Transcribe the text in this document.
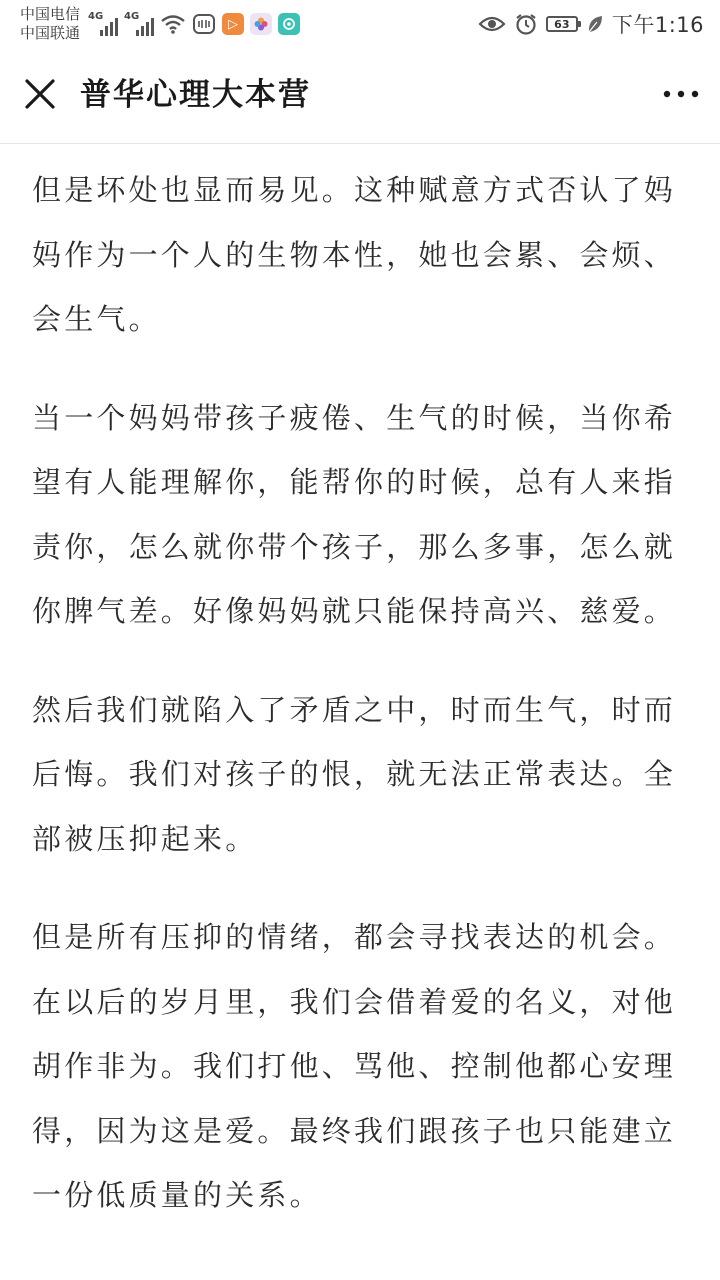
中国电信
中国联通
4G 4G	▷	63	下午1:16
普华心理大本营

但是坏处也显而易见。这种赋意方式否认了妈妈作为一个人的生物本性，她也会累、会烦、会生气。

当一个妈妈带孩子疲倦、生气的时候，当你希望有人能理解你，能帮你的时候，总有人来指责你，怎么就你带个孩子，那么多事，怎么就你脾气差。好像妈妈就只能保持高兴、慈爱。

然后我们就陷入了矛盾之中，时而生气，时而后悔。我们对孩子的恨，就无法正常表达。全部被压抑起来。

但是所有压抑的情绪，都会寻找表达的机会。在以后的岁月里，我们会借着爱的名义，对他胡作非为。我们打他、骂他、控制他都心安理得，因为这是爱。最终我们跟孩子也只能建立一份低质量的关系。
